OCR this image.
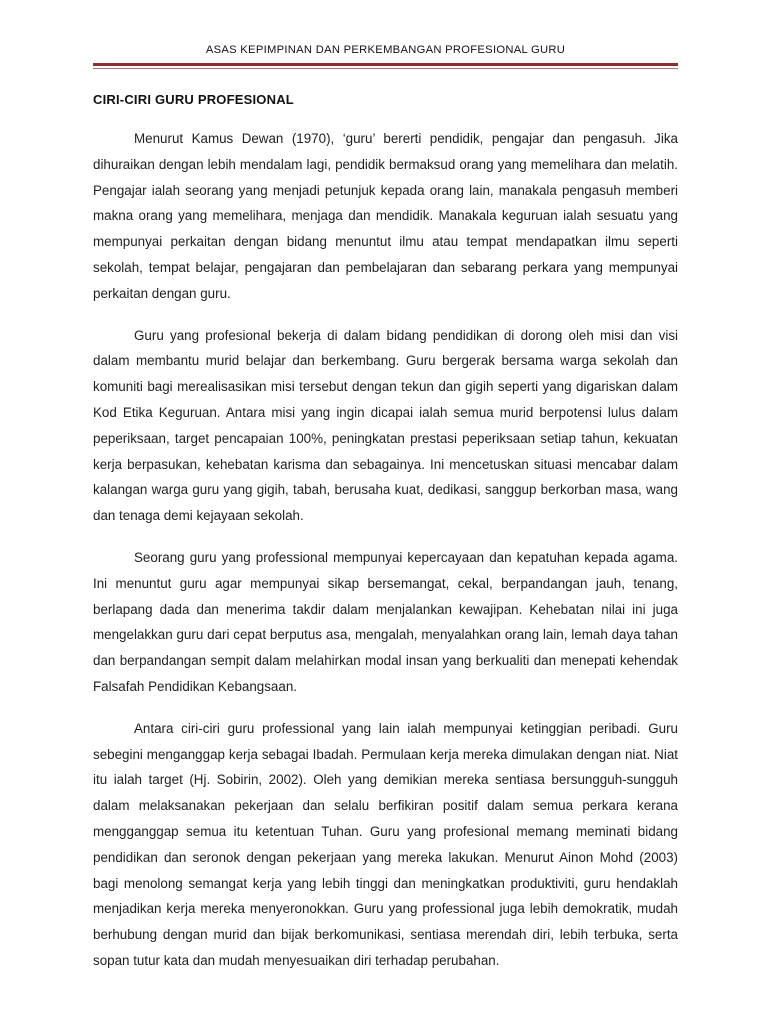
ASAS KEPIMPINAN DAN PERKEMBANGAN PROFESIONAL GURU
CIRI-CIRI GURU PROFESIONAL

Menurut Kamus Dewan (1970), ‘guru’ bererti pendidik, pengajar dan pengasuh. Jika dihuraikan dengan lebih mendalam lagi, pendidik bermaksud orang yang memelihara dan melatih. Pengajar ialah seorang yang menjadi petunjuk kepada orang lain, manakala pengasuh memberi makna orang yang memelihara, menjaga dan mendidik. Manakala keguruan ialah sesuatu yang mempunyai perkaitan dengan bidang menuntut ilmu atau tempat mendapatkan ilmu seperti sekolah, tempat belajar, pengajaran dan pembelajaran dan sebarang perkara yang mempunyai perkaitan dengan guru.

Guru yang profesional bekerja di dalam bidang pendidikan di dorong oleh misi dan visi dalam membantu murid belajar dan berkembang. Guru bergerak bersama warga sekolah dan komuniti bagi merealisasikan misi tersebut dengan tekun dan gigih seperti yang digariskan dalam Kod Etika Keguruan. Antara misi yang ingin dicapai ialah semua murid berpotensi lulus dalam peperiksaan, target pencapaian 100%, peningkatan prestasi peperiksaan setiap tahun, kekuatan kerja berpasukan, kehebatan karisma dan sebagainya. Ini mencetuskan situasi mencabar dalam kalangan warga guru yang gigih, tabah, berusaha kuat, dedikasi, sanggup berkorban masa, wang dan tenaga demi kejayaan sekolah.

Seorang guru yang professional mempunyai kepercayaan dan kepatuhan kepada agama. Ini menuntut guru agar mempunyai sikap bersemangat, cekal, berpandangan jauh, tenang, berlapang dada dan menerima takdir dalam menjalankan kewajipan. Kehebatan nilai ini juga mengelakkan guru dari cepat berputus asa, mengalah, menyalahkan orang lain, lemah daya tahan dan berpandangan sempit dalam melahirkan modal insan yang berkualiti dan menepati kehendak Falsafah Pendidikan Kebangsaan.

Antara ciri-ciri guru professional yang lain ialah mempunyai ketinggian peribadi. Guru sebegini menganggap kerja sebagai Ibadah. Permulaan kerja mereka dimulakan dengan niat. Niat itu ialah target (Hj. Sobirin, 2002). Oleh yang demikian mereka sentiasa bersungguh-sungguh dalam melaksanakan pekerjaan dan selalu berfikiran positif dalam semua perkara kerana mengganggap semua itu ketentuan Tuhan. Guru yang profesional memang meminati bidang pendidikan dan seronok dengan pekerjaan yang mereka lakukan. Menurut Ainon Mohd (2003) bagi menolong semangat kerja yang lebih tinggi dan meningkatkan produktiviti, guru hendaklah menjadikan kerja mereka menyeronokkan. Guru yang professional juga lebih demokratik, mudah berhubung dengan murid dan bijak berkomunikasi, sentiasa merendah diri, lebih terbuka, serta sopan tutur kata dan mudah menyesuaikan diri terhadap perubahan.
